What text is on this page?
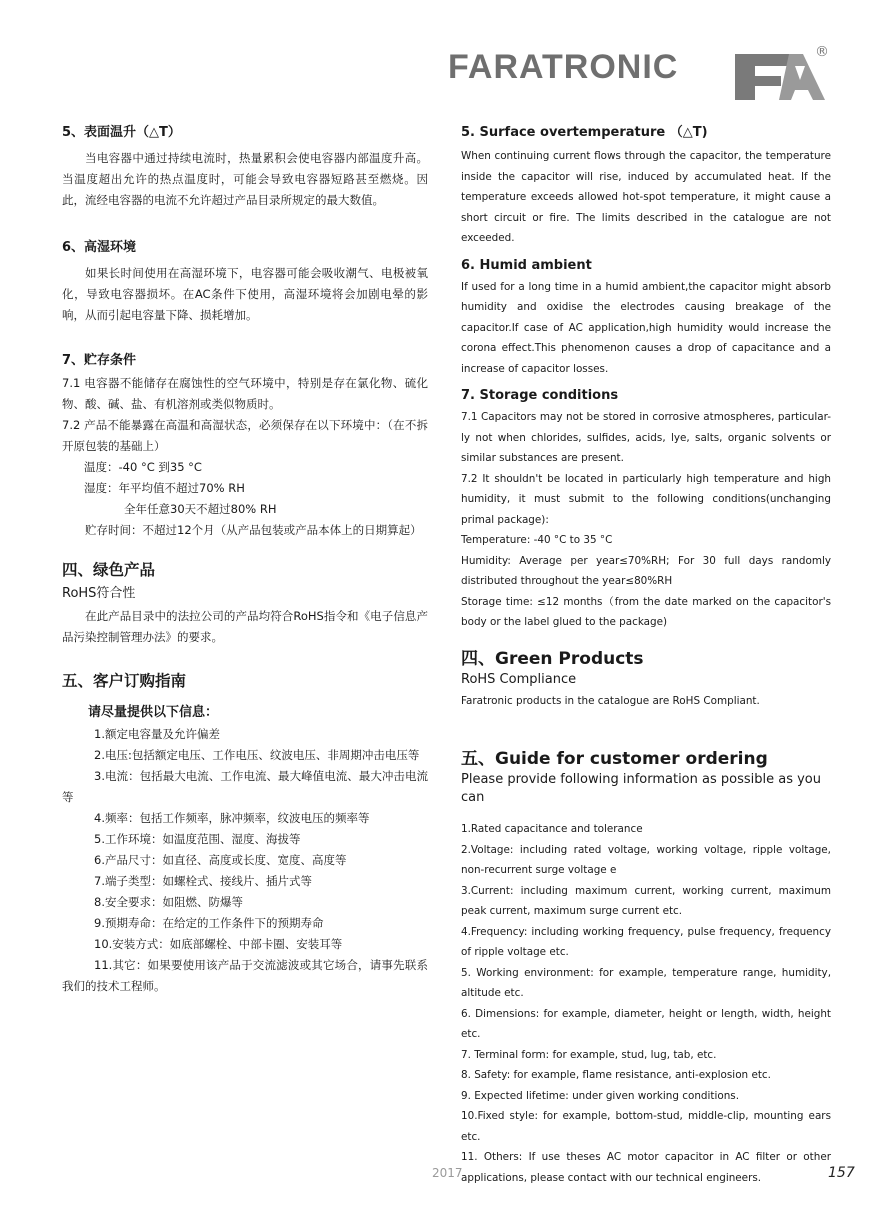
FARATRONIC	®

5、表面温升（△T）

当电容器中通过持续电流时，热量累积会使电容器内部温度升高。当温度超出允许的热点温度时，可能会导致电容器短路甚至燃烧。因此，流经电容器的电流不允许超过产品目录所规定的最大数值。

6、高湿环境

如果长时间使用在高湿环境下，电容器可能会吸收潮气、电极被氧化，导致电容器损坏。在AC条件下使用，高湿环境将会加剧电晕的影响，从而引起电容量下降、损耗增加。

7、贮存条件

7.1 电容器不能储存在腐蚀性的空气环境中，特别是存在氯化物、硫化物、酸、碱、盐、有机溶剂或类似物质时。

7.2 产品不能暴露在高温和高湿状态，必须保存在以下环境中：（在不拆开原包装的基础上）

温度：-40 °C 到35 °C

湿度：年平均值不超过70% RH

全年任意30天不超过80% RH

贮存时间：不超过12个月（从产品包装或产品本体上的日期算起）

四、绿色产品

RoHS符合性

在此产品目录中的法拉公司的产品均符合RoHS指令和《电子信息产品污染控制管理办法》的要求。

五、客户订购指南

请尽量提供以下信息：

1.额定电容量及允许偏差

2.电压:包括额定电压、工作电压、纹波电压、非周期冲击电压等

3.电流：包括最大电流、工作电流、最大峰值电流、最大冲击电流等

4.频率：包括工作频率，脉冲频率，纹波电压的频率等

5.工作环境：如温度范围、湿度、海拔等

6.产品尺寸：如直径、高度或长度、宽度、高度等

7.端子类型：如螺栓式、接线片、插片式等

8.安全要求：如阻燃、防爆等

9.预期寿命：在给定的工作条件下的预期寿命

10.安装方式：如底部螺栓、中部卡圈、安装耳等

11.其它：如果要使用该产品于交流滤波或其它场合，请事先联系我们的技术工程师。

5. Surface overtemperature （△T)

When continuing current flows through the capacitor, the temperature inside the capacitor will rise, induced by accumulated heat. If the temperature exceeds allowed hot-spot temperature, it might cause a short circuit or fire. The limits described in the catalogue are not exceeded.

6. Humid ambient

If used for a long time in a humid ambient,the capacitor might absorb humidity and oxidise the electrodes causing breakage of the capacitor.If case of AC application,high humidity would increase the corona effect.This phenomenon causes a drop of capacitance and a increase of capacitor losses.

7. Storage conditions

7.1 Capacitors may not be stored in corrosive atmospheres, particular-ly not when chlorides, sulfides, acids, lye, salts, organic solvents or similar substances are present.

7.2 It shouldn't be located in particularly high temperature and high humidity, it must submit to the following conditions(unchanging primal package):

Temperature: -40 °C to 35 °C

Humidity: Average per year≤70%RH; For 30 full days randomly distributed throughout the year≤80%RH

Storage time: ≤12 months（from the date marked on the capacitor's body or the label glued to the package)

四、Green Products

RoHS Compliance

Faratronic products in the catalogue are RoHS Compliant.

五、Guide for customer ordering

Please provide following information as possible as you can

1.Rated capacitance and tolerance

2.Voltage: including rated voltage, working voltage, ripple voltage, non-recurrent surge voltage e

3.Current: including maximum current, working current, maximum peak current, maximum surge current etc.

4.Frequency: including working frequency, pulse frequency, frequency of ripple voltage etc.

5. Working environment: for example, temperature range, humidity, altitude etc.

6. Dimensions: for example, diameter, height or length, width, height etc.

7. Terminal form: for example, stud, lug, tab, etc.

8. Safety: for example, flame resistance, anti-explosion etc.

9. Expected lifetime: under given working conditions.

10.Fixed style: for example, bottom-stud, middle-clip, mounting ears etc.

11. Others: If use theses AC motor capacitor in AC filter or other applications, please contact with our technical engineers.

2017	157
